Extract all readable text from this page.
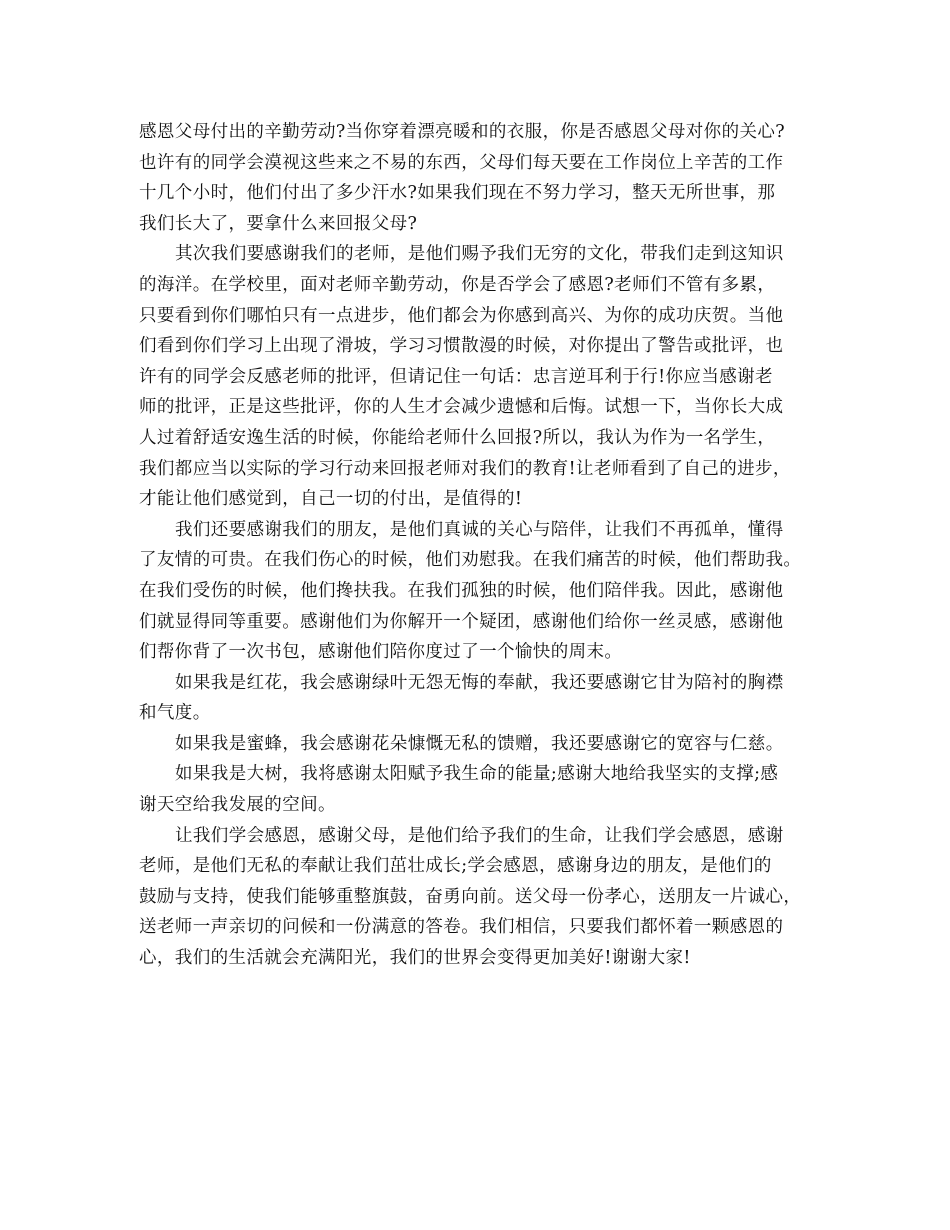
感恩父母付出的辛勤劳动?当你穿着漂亮暖和的衣服，你是否感恩父母对你的关心?
也许有的同学会漠视这些来之不易的东西，父母们每天要在工作岗位上辛苦的工作
十几个小时，他们付出了多少汗水?如果我们现在不努力学习，整天无所世事，那
我们长大了，要拿什么来回报父母?
其次我们要感谢我们的老师，是他们赐予我们无穷的文化，带我们走到这知识
的海洋。在学校里，面对老师辛勤劳动，你是否学会了感恩?老师们不管有多累，
只要看到你们哪怕只有一点进步，他们都会为你感到高兴、为你的成功庆贺。当他
们看到你们学习上出现了滑坡，学习习惯散漫的时候，对你提出了警告或批评，也
许有的同学会反感老师的批评，但请记住一句话：忠言逆耳利于行!你应当感谢老
师的批评，正是这些批评，你的人生才会减少遗憾和后悔。试想一下，当你长大成
人过着舒适安逸生活的时候，你能给老师什么回报?所以，我认为作为一名学生，
我们都应当以实际的学习行动来回报老师对我们的教育!让老师看到了自己的进步，
才能让他们感觉到，自己一切的付出，是值得的!
我们还要感谢我们的朋友，是他们真诚的关心与陪伴，让我们不再孤单，懂得
了友情的可贵。在我们伤心的时候，他们劝慰我。在我们痛苦的时候，他们帮助我。
在我们受伤的时候，他们搀扶我。在我们孤独的时候，他们陪伴我。因此，感谢他
们就显得同等重要。感谢他们为你解开一个疑团，感谢他们给你一丝灵感，感谢他
们帮你背了一次书包，感谢他们陪你度过了一个愉快的周末。
如果我是红花，我会感谢绿叶无怨无悔的奉献，我还要感谢它甘为陪衬的胸襟
和气度。
如果我是蜜蜂，我会感谢花朵慷慨无私的馈赠，我还要感谢它的宽容与仁慈。
如果我是大树，我将感谢太阳赋予我生命的能量;感谢大地给我坚实的支撑;感
谢天空给我发展的空间。
让我们学会感恩，感谢父母，是他们给予我们的生命，让我们学会感恩，感谢
老师，是他们无私的奉献让我们茁壮成长;学会感恩，感谢身边的朋友，是他们的
鼓励与支持，使我们能够重整旗鼓，奋勇向前。送父母一份孝心，送朋友一片诚心，
送老师一声亲切的问候和一份满意的答卷。我们相信，只要我们都怀着一颗感恩的
心，我们的生活就会充满阳光，我们的世界会变得更加美好!谢谢大家!
